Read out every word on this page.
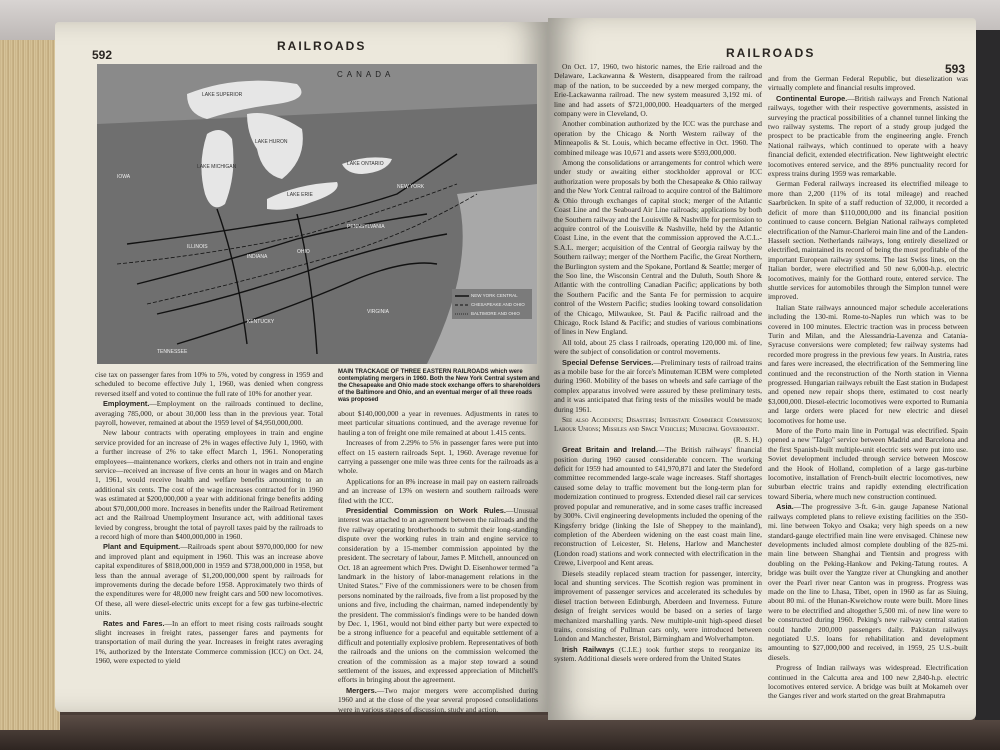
592
RAILROADS
CANADA
LAKE SUPERIOR
LAKE HURON
LAKE MICHIGAN
LAKE ERIE
LAKE ONTARIO
NEW YORK
PENNSYLVANIA
IOWA
OHIO
INDIANA
ILLINOIS
KENTUCKY
TENNESSEE
VIRGINIA
NEW YORK CENTRAL
CHESAPEAKE AND OHIO
BALTIMORE AND OHIO
MAIN TRACKAGE OF THREE EASTERN RAILROADS which were contemplating mergers in 1960. Both the New York Central system and the Chesapeake and Ohio made stock exchange offers to shareholders of the Baltimore and Ohio, and an eventual merger of all three roads was proposed

cise tax on passenger fares from 10% to 5%, voted by congress in 1959 and scheduled to become effective July 1, 1960, was denied when congress reversed itself and voted to continue the full rate of 10% for another year.

Employment.—Employment on the railroads continued to decline, averaging 785,000, or about 30,000 less than in the previous year. Total payroll, however, remained at about the 1959 level of $4,950,000,000.

New labour contracts with operating employees in train and engine service provided for an increase of 2% in wages effective July 1, 1960, with a further increase of 2% to take effect March 1, 1961. Nonoperating employees—maintenance workers, clerks and others not in train and engine service—received an increase of five cents an hour in wages and on March 1, 1961, would receive health and welfare benefits amounting to an additional six cents. The cost of the wage increases contracted for in 1960 was estimated at $200,000,000 a year with additional fringe benefits adding about $70,000,000 more. Increases in benefits under the Railroad Retirement act and the Railroad Unemployment Insurance act, with additional taxes levied by congress, brought the total of payroll taxes paid by the railroads to a record high of more than $400,000,000 in 1960.

Plant and Equipment.—Railroads spent about $970,000,000 for new and improved plant and equipment in 1960. This was an increase above capital expenditures of $818,000,000 in 1959 and $738,000,000 in 1958, but less than the annual average of $1,200,000,000 spent by railroads for improvements during the decade before 1958. Approximately two thirds of the expenditures were for 48,000 new freight cars and 500 new locomotives. Of these, all were diesel-electric units except for a few gas turbine-electric units.

Rates and Fares.—In an effort to meet rising costs railroads sought slight increases in freight rates, passenger fares and payments for transportation of mail during the year. Increases in freight rates averaging 1%, authorized by the Interstate Commerce commission (ICC) on Oct. 24, 1960, were expected to yield

about $140,000,000 a year in revenues. Adjustments in rates to meet particular situations continued, and the average revenue for hauling a ton of freight one mile remained at about 1.415 cents.

Increases of from 2.29% to 5% in passenger fares were put into effect on 15 eastern railroads Sept. 1, 1960. Average revenue for carrying a passenger one mile was three cents for the railroads as a whole.

Applications for an 8% increase in mail pay on eastern railroads and an increase of 13% on western and southern railroads were filed with the ICC.

Presidential Commission on Work Rules.—Unusual interest was attached to an agreement between the railroads and the five railway operating brotherhoods to submit their long-standing dispute over the working rules in train and engine service to consideration by a 15-member commission appointed by the president. The secretary of labour, James P. Mitchell, announced on Oct. 18 an agreement which Pres. Dwight D. Eisenhower termed "a landmark in the history of labor-management relations in the United States." Five of the commissioners were to be chosen from persons nominated by the railroads, five from a list proposed by the unions and five, including the chairman, named independently by the president. The commission's findings were to be handed down by Dec. 1, 1961, would not bind either party but were expected to be a strong influence for a peaceful and equitable settlement of a difficult and potentially explosive problem. Representatives of both the railroads and the unions on the commission welcomed the creation of the commission as a major step toward a sound settlement of the issues, and expressed appreciation of Mitchell's efforts in bringing about the agreement.

Mergers.—Two major mergers were accomplished during 1960 and at the close of the year several proposed consolidations were in various stages of discussion, study and action.

RAILROADS
593

On Oct. 17, 1960, two historic names, the Erie railroad and the Delaware, Lackawanna & Western, disappeared from the railroad map of the nation, to be succeeded by a new merged company, the Erie-Lackawanna railroad. The new system measured 3,192 mi. of line and had assets of $721,000,000. Headquarters of the merged company were in Cleveland, O.

Another combination authorized by the ICC was the purchase and operation by the Chicago & North Western railway of the Minneapolis & St. Louis, which became effective in Oct. 1960. The combined mileage was 10,671 and assets were $593,000,000.

Among the consolidations or arrangements for control which were under study or awaiting either stockholder approval or ICC authorization were proposals by both the Chesapeake & Ohio railway and the New York Central railroad to acquire control of the Baltimore & Ohio through exchanges of capital stock; merger of the Atlantic Coast Line and the Seaboard Air Line railroads; applications by both the Southern railway and the Louisville & Nashville for permission to acquire control of the Louisville & Nashville, held by the Atlantic Coast Line, in the event that the commission approved the A.C.L.-S.A.L. merger; acquisition of the Central of Georgia railway by the Southern railway; merger of the Northern Pacific, the Great Northern, the Burlington system and the Spokane, Portland & Seattle; merger of the Soo line, the Wisconsin Central and the Duluth, South Shore & Atlantic with the controlling Canadian Pacific; applications by both the Southern Pacific and the Santa Fe for permission to acquire control of the Western Pacific; studies looking toward consolidation of the Chicago, Milwaukee, St. Paul & Pacific railroad and the Chicago, Rock Island & Pacific; and studies of various combinations of lines in New England.

All told, about 25 class I railroads, operating 120,000 mi. of line, were the subject of consolidation or control movements.

Special Defense Services.—Preliminary tests of railroad trains as a mobile base for the air force's Minuteman ICBM were completed during 1960. Mobility of the bases on wheels and safe carriage of the complex apparatus involved were assured by these preliminary tests, and it was anticipated that firing tests of the missiles would be made during 1961.

See also Accidents; Disasters; Interstate Commerce Commission; Labour Unions; Missiles and Space Vehicles; Municipal Government.

(R. S. H.)

Great Britain and Ireland.—The British railways' financial position during 1960 caused considerable concern. The working deficit for 1959 had amounted to £41,970,871 and later the Stedeford committee recommended large-scale wage increases. Staff shortages caused some delay to traffic movement but the long-term plan for modernization continued to progress. Extended diesel rail car services proved popular and remunerative, and in some cases traffic increased by 300%. Civil engineering developments included the opening of the Kingsferry bridge (linking the Isle of Sheppey to the mainland), completion of the Aberdeen widening on the east coast main line, reconstruction of Leicester, St. Helens, Harlow and Manchester (London road) stations and work connected with electrification in the Crewe, Liverpool and Kent areas.

Diesels steadily replaced steam traction for passenger, intercity, local and shunting services. The Scottish region was prominent in improvement of passenger services and accelerated its schedules by diesel traction between Edinburgh, Aberdeen and Inverness. Future design of freight services would be based on a series of large mechanized marshalling yards. New multiple-unit high-speed diesel trains, consisting of Pullman cars only, were introduced between London and Manchester, Bristol, Birmingham and Wolverhampton.

Irish Railways (C.I.E.) took further steps to reorganize its system. Additional diesels were ordered from the United States

and from the German Federal Republic, but dieselization was virtually complete and financial results improved.

Continental Europe.—British railways and French National railways, together with their respective governments, assisted in surveying the practical possibilities of a channel tunnel linking the two railway systems. The report of a study group judged the prospect to be practicable from the engineering angle. French National railways, which continued to operate with a heavy financial deficit, extended electrification. New lightweight electric locomotives entered service, and the 89% punctuality record for express trains during 1959 was remarkable.

German Federal railways increased its electrified mileage to more than 2,200 (11% of its total mileage) and reached Saarbrücken. In spite of a staff reduction of 32,000, it recorded a deficit of more than $110,000,000 and its financial position continued to cause concern. Belgian National railways completed electrification of the Namur-Charleroi main line and of the Landen-Hasselt section. Netherlands railways, long entirely dieselized or electrified, maintained its record of being the most profitable of the important European railway systems. The last Swiss lines, on the Italian border, were electrified and 50 new 6,000-h.p. electric locomotives, mainly for the Gotthard route, entered service. The shuttle services for automobiles through the Simplon tunnel were improved.

Italian State railways announced major schedule accelerations including the 130-mi. Rome-to-Naples run which was to be covered in 100 minutes. Electric traction was in process between Turin and Milan, and the Alessandria-Lavenza and Catania-Syracuse conversions were completed; few railway systems had recorded more progress in the previous few years. In Austria, rates and fares were increased, the electrification of the Semmering line continued and the reconstruction of the North station in Vienna progressed. Hungarian railways rebuilt the East station in Budapest and opened new repair shops there, estimated to cost nearly $3,000,000. Diesel-electric locomotives were exported to Rumania and large orders were placed for new electric and diesel locomotives for home use.

More of the Porto main line in Portugal was electrified. Spain opened a new "Talgo" service between Madrid and Barcelona and the first Spanish-built multiple-unit electric sets were put into use. Soviet development included through service between Moscow and the Hook of Holland, completion of a large gas-turbine locomotive, installation of French-built electric locomotives, new suburban electric trains and rapidly extending electrification toward Siberia, where much new construction continued.

Asia.—The progressive 3-ft. 6-in. gauge Japanese National railways completed plans to relieve existing facilities on the 350-mi. line between Tokyo and Osaka; very high speeds on a new standard-gauge electrified main line were envisaged. Chinese new developments included almost complete doubling of the 825-mi. main line between Shanghai and Tientsin and progress with doubling on the Peking-Hankow and Peking-Tatung routes. A bridge was built over the Yangtze river at Chungking and another over the Pearl river near Canton was in progress. Progress was made on the line to Lhasa, Tibet, open in 1960 as far as Siuing, about 80 mi. of the Hunan-Kweichow route were built. More lines were to be electrified and altogether 5,500 mi. of new line were to be constructed during 1960. Peking's new railway central station could handle 200,000 passengers daily. Pakistan railways negotiated U.S. loans for rehabilitation and development amounting to $27,000,000 and received, in 1959, 25 U.S.-built diesels.

Progress of Indian railways was widespread. Electrification continued in the Calcutta area and 100 new 2,840-h.p. electric locomotives entered service. A bridge was built at Mokameh over the Ganges river and work started on the great Brahmaputra
